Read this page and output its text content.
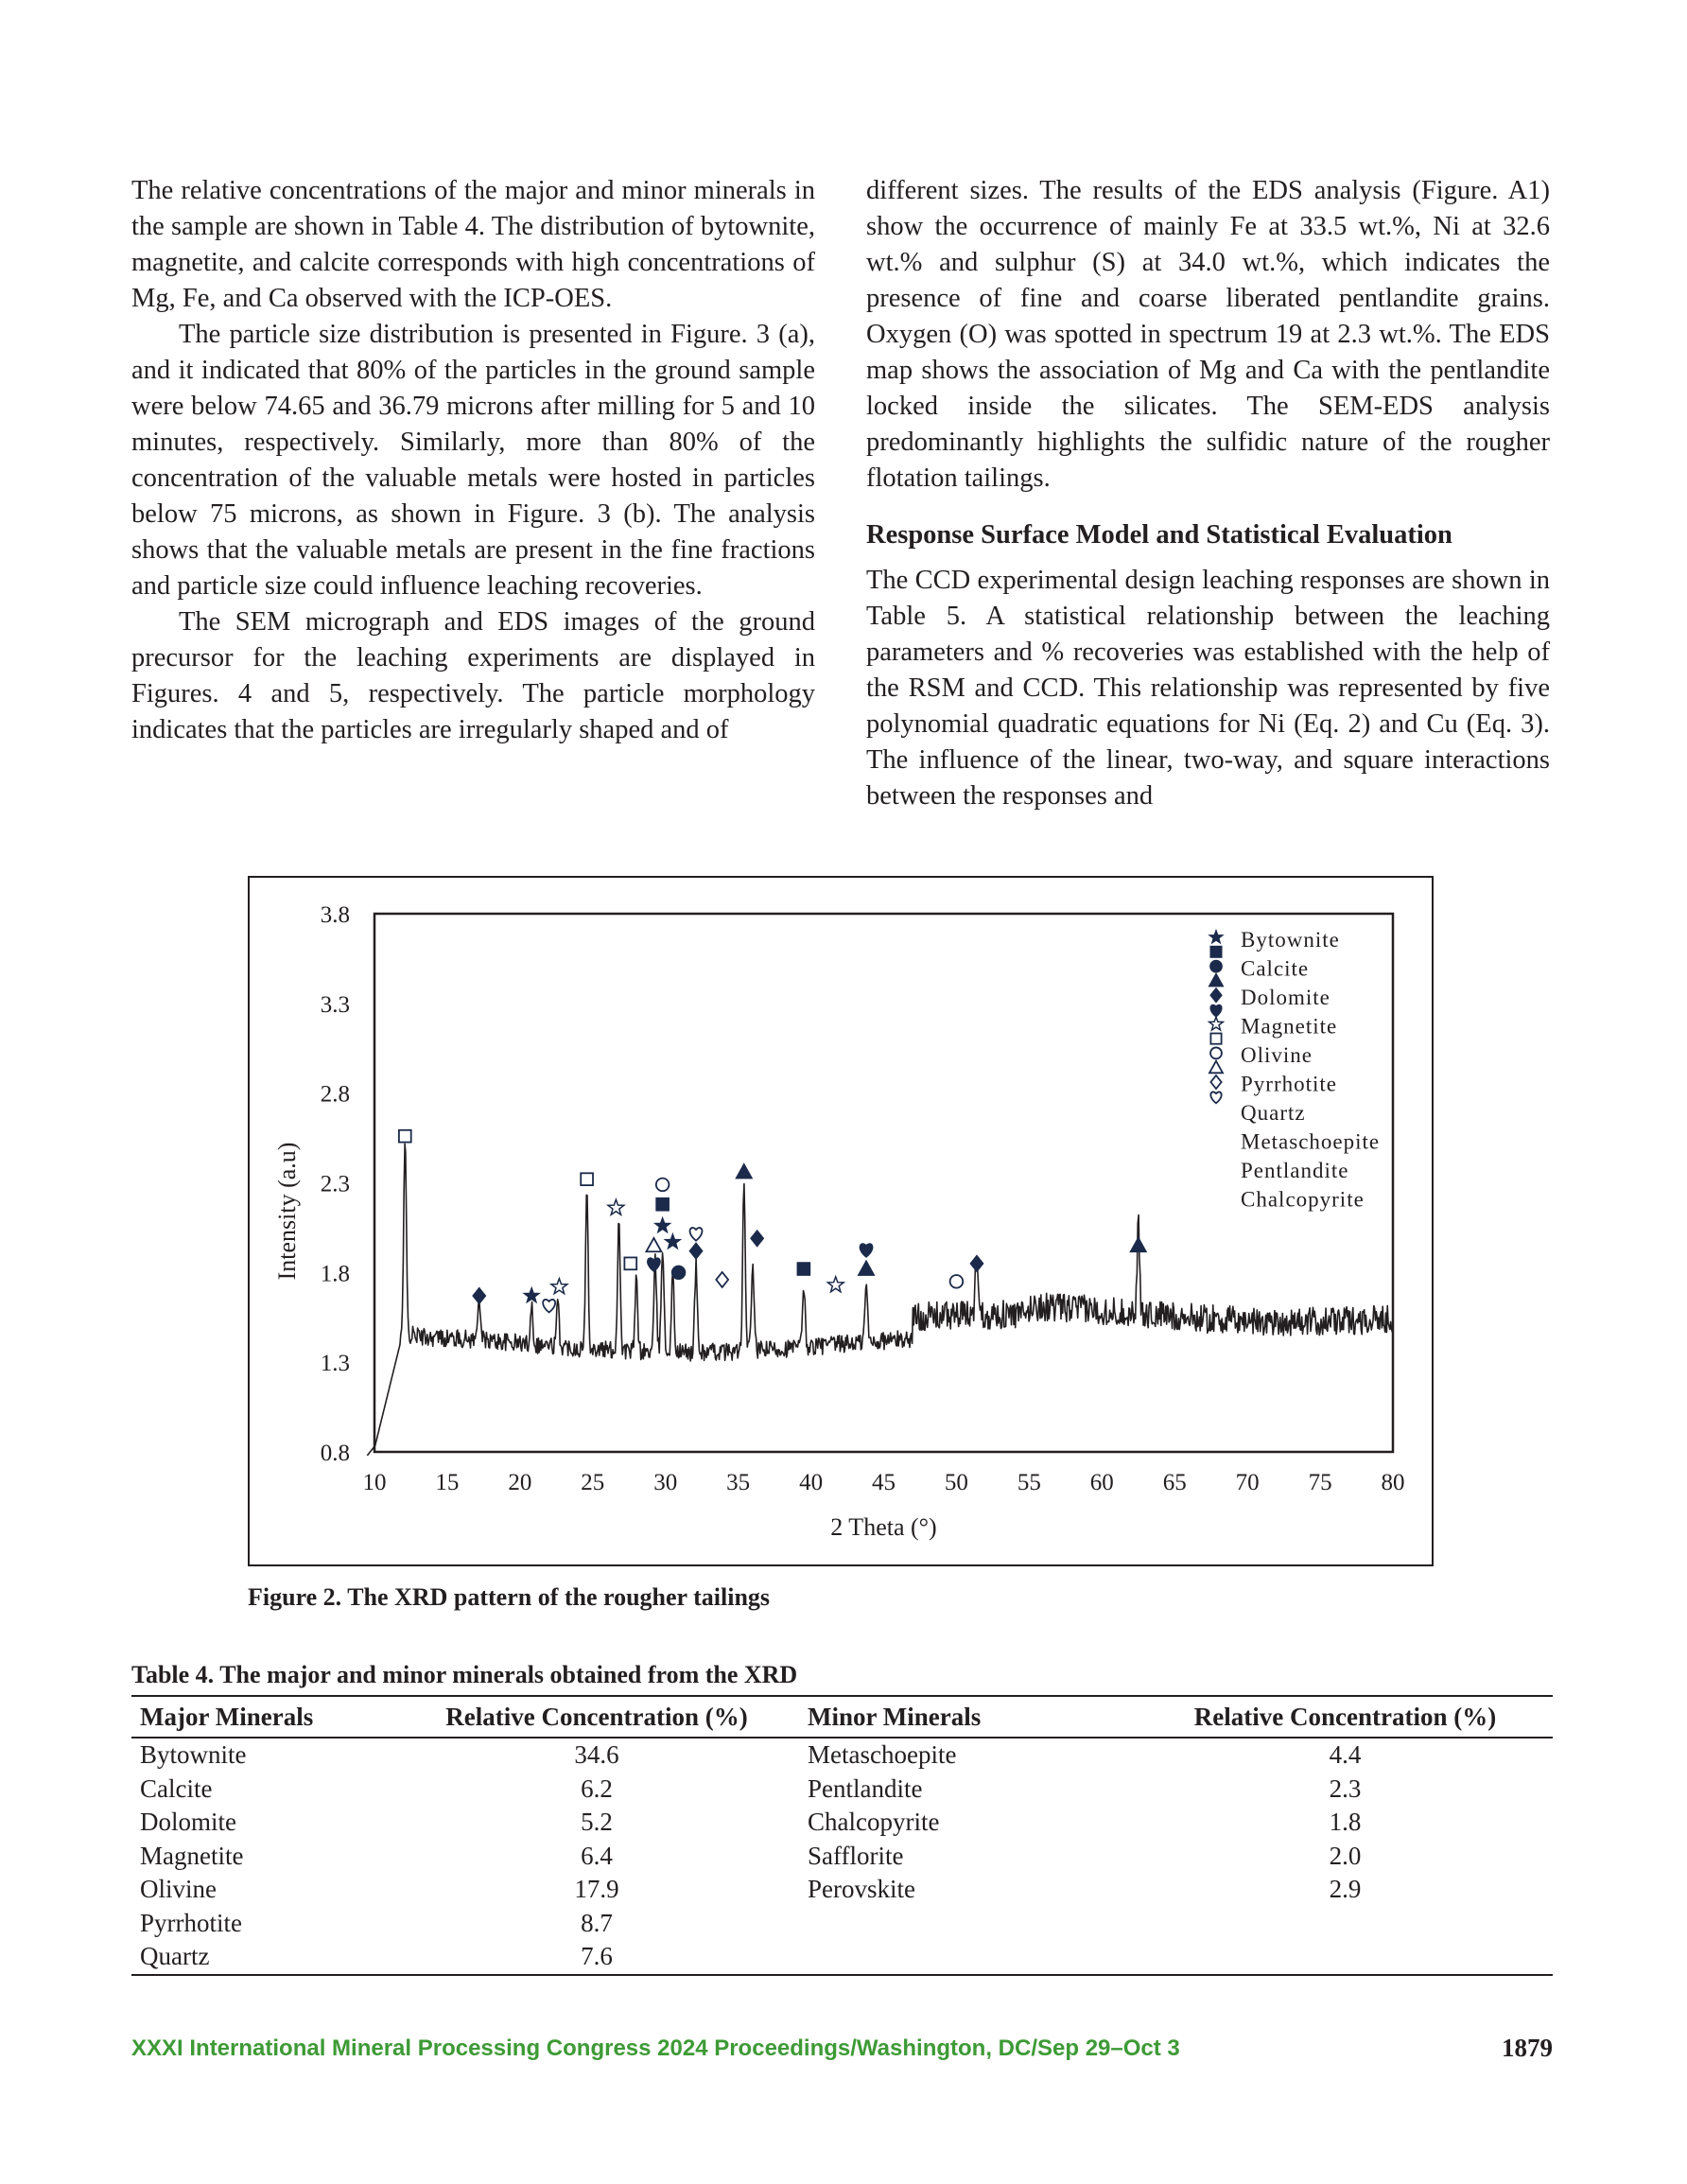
The relative concentrations of the major and minor minerals in the sample are shown in Table 4. The distribution of bytownite, magnetite, and calcite corresponds with high concentrations of Mg, Fe, and Ca observed with the ICP-OES.

The particle size distribution is presented in Figure. 3 (a), and it indicated that 80% of the particles in the ground sample were below 74.65 and 36.79 microns after milling for 5 and 10 minutes, respectively. Similarly, more than 80% of the concentration of the valuable metals were hosted in particles below 75 microns, as shown in Figure. 3 (b). The analysis shows that the valuable metals are present in the fine fractions and particle size could influence leaching recoveries.

The SEM micrograph and EDS images of the ground precursor for the leaching experiments are displayed in Figures. 4 and 5, respectively. The particle morphology indicates that the particles are irregularly shaped and of

different sizes. The results of the EDS analysis (Figure. A1) show the occurrence of mainly Fe at 33.5 wt.%, Ni at 32.6 wt.% and sulphur (S) at 34.0 wt.%, which indicates the presence of fine and coarse liberated pentlandite grains. Oxygen (O) was spotted in spectrum 19 at 2.3 wt.%. The EDS map shows the association of Mg and Ca with the pentlandite locked inside the silicates. The SEM-EDS analysis predominantly highlights the sulfidic nature of the rougher flotation tailings.

Response Surface Model and Statistical Evaluation

The CCD experimental design leaching responses are shown in Table 5. A statistical relationship between the leaching parameters and % recoveries was established with the help of the RSM and CCD. This relationship was represented by five polynomial quadratic equations for Ni (Eq. 2) and Cu (Eq. 3). The influence of the linear, two-way, and square interactions between the responses and

0.8
1.3
1.8
2.3
2.8
3.3
3.8
10 15 20 25 30 35 40 45 50 55 60 65 70 75 80
2 Theta (°)
Intensity (a.u)
Bytownite
Calcite
Dolomite
Magnetite
Olivine
Pyrrhotite
Quartz
Metaschoepite
Pentlandite
Chalcopyrite
Figure 2. The XRD pattern of the rougher tailings
Table 4. The major and minor minerals obtained from the XRD
Major Minerals	Relative Concentration (%)	Minor Minerals	Relative Concentration (%)
Bytownite	34.6	Metaschoepite	4.4
Calcite	6.2	Pentlandite	2.3
Dolomite	5.2	Chalcopyrite	1.8
Magnetite	6.4	Safflorite	2.0
Olivine	17.9	Perovskite	2.9
Pyrrhotite	8.7		
Quartz	7.6		
XXXI International Mineral Processing Congress 2024 Proceedings/Washington, DC/Sep 29–Oct 3	1879
